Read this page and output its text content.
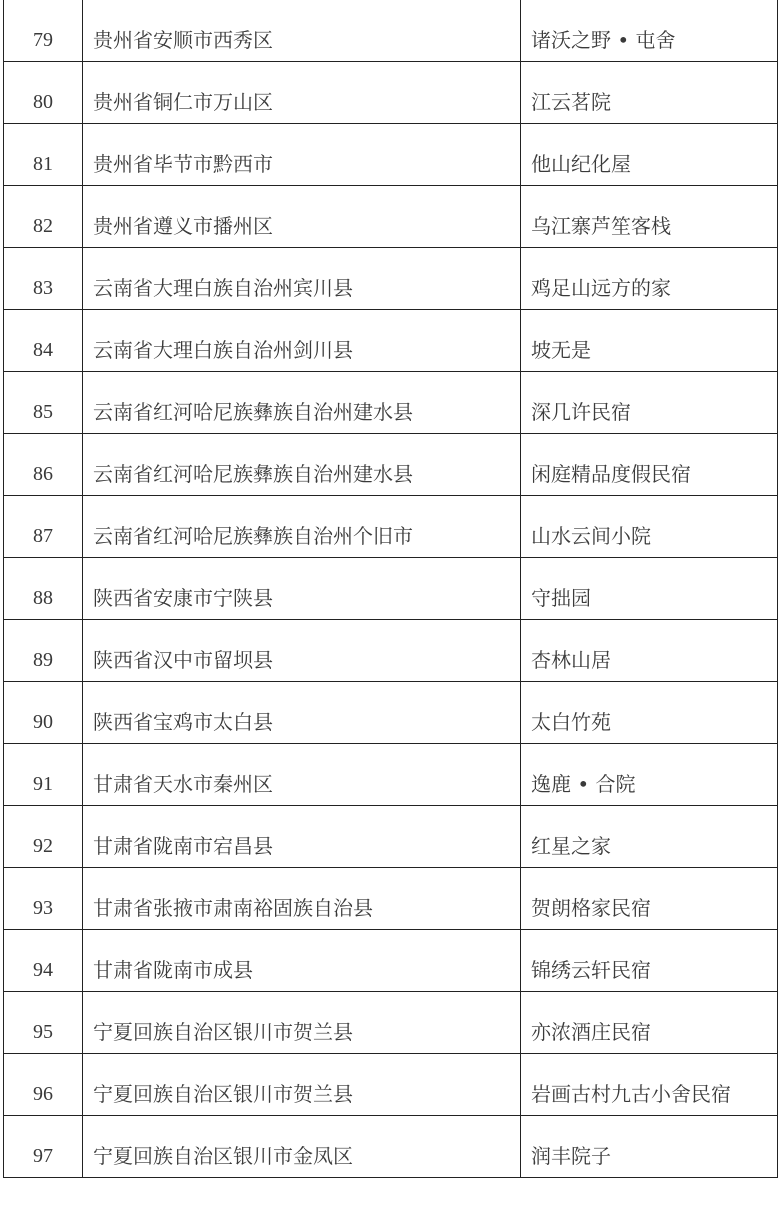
79	贵州省安顺市西秀区	诸沃之野 • 屯舍
80	贵州省铜仁市万山区	江云茗院
81	贵州省毕节市黔西市	他山纪化屋
82	贵州省遵义市播州区	乌江寨芦笙客栈
83	云南省大理白族自治州宾川县	鸡足山远方的家
84	云南省大理白族自治州剑川县	坡无是
85	云南省红河哈尼族彝族自治州建水县	深几许民宿
86	云南省红河哈尼族彝族自治州建水县	闲庭精品度假民宿
87	云南省红河哈尼族彝族自治州个旧市	山水云间小院
88	陕西省安康市宁陕县	守拙园
89	陕西省汉中市留坝县	杏林山居
90	陕西省宝鸡市太白县	太白竹苑
91	甘肃省天水市秦州区	逸鹿 • 合院
92	甘肃省陇南市宕昌县	红星之家
93	甘肃省张掖市肃南裕固族自治县	贺朗格家民宿
94	甘肃省陇南市成县	锦绣云轩民宿
95	宁夏回族自治区银川市贺兰县	亦浓酒庄民宿
96	宁夏回族自治区银川市贺兰县	岩画古村九古小舍民宿
97	宁夏回族自治区银川市金凤区	润丰院子
